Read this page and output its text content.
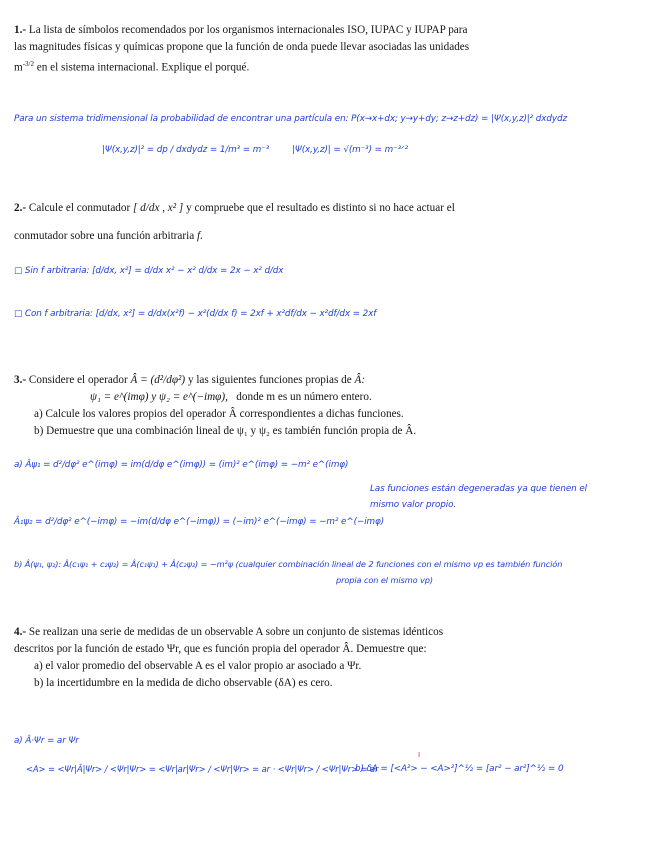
1.- La lista de símbolos recomendados por los organismos internacionales ISO, IUPAC y IUPAP para
las magnitudes físicas y químicas propone que la función de onda puede llevar asociadas las unidades
$m^{-3/2}$ en el sistema internacional. Explique el porqué.
Para un sistema tridimensional la probabilidad de encontrar una partícula en: P(x→x+dx; y→y+dy; z→z+dz) = |Ψ(x,y,z)|² dxdydz
|Ψ(x,y,z)|² = dp / dxdydz = 1/m³ = m⁻³	|Ψ(x,y,z)| = √(m⁻³) = m⁻³ᐟ²
2.- Calcule el conmutador [ d/dx , x² ] y compruebe que el resultado es distinto si no hace actuar el
conmutador sobre una función arbitraria f.
□ Sin f arbitraria: [d/dx, x²] = d/dx x² − x² d/dx = 2x − x² d/dx
□ Con f arbitraria: [d/dx, x²] = d/dx(x²f) − x²(d/dx f) = 2xf + x²df/dx − x²df/dx = 2xf
3.- Considere el operador Â = (d²/dφ²) y las siguientes funciones propias de Â:
ψ₁ = e^(imφ) y ψ₂ = e^(−imφ), donde m es un número entero.
a) Calcule los valores propios del operador Â correspondientes a dichas funciones.
b) Demuestre que una combinación lineal de ψ₁ y ψ₂ es también función propia de Â.
a) Âψ₁ = d²/dφ² e^(imφ) = im(d/dφ e^(imφ)) = (im)² e^(imφ) = −m² e^(imφ)
Las funciones están degeneradas ya que tienen el
mismo valor propio.
Â₁ψ₂ = d²/dφ² e^(−imφ) = −im(d/dφ e^(−imφ)) = (−im)² e^(−imφ) = −m² e^(−imφ)
b) Â(ψ₁, ψ₂): Â(c₁ψ₁ + c₂ψ₂) = Â(c₁ψ₁) + Â(c₂ψ₂) = −m²ψ (cualquier combinación lineal de 2 funciones con el mismo vp es también función
propia con el mismo vp)
4.- Se realizan una serie de medidas de un observable A sobre un conjunto de sistemas idénticos
descritos por la función de estado Ψr, que es función propia del operador Â. Demuestre que:
a) el valor promedio del observable A es el valor propio ar asociado a Ψr.
b) la incertidumbre en la medida de dicho observable (δA) es cero.
a) Â·Ψr = ar Ψr
<A> = <Ψr|Â|Ψr> / <Ψr|Ψr> = <Ψr|ar|Ψr> / <Ψr|Ψr> = ar · <Ψr|Ψr> / <Ψr|Ψr> = ar
b) δA = [<A²> − <A>²]^½ = [ar² − ar²]^½ = 0
ˡ
